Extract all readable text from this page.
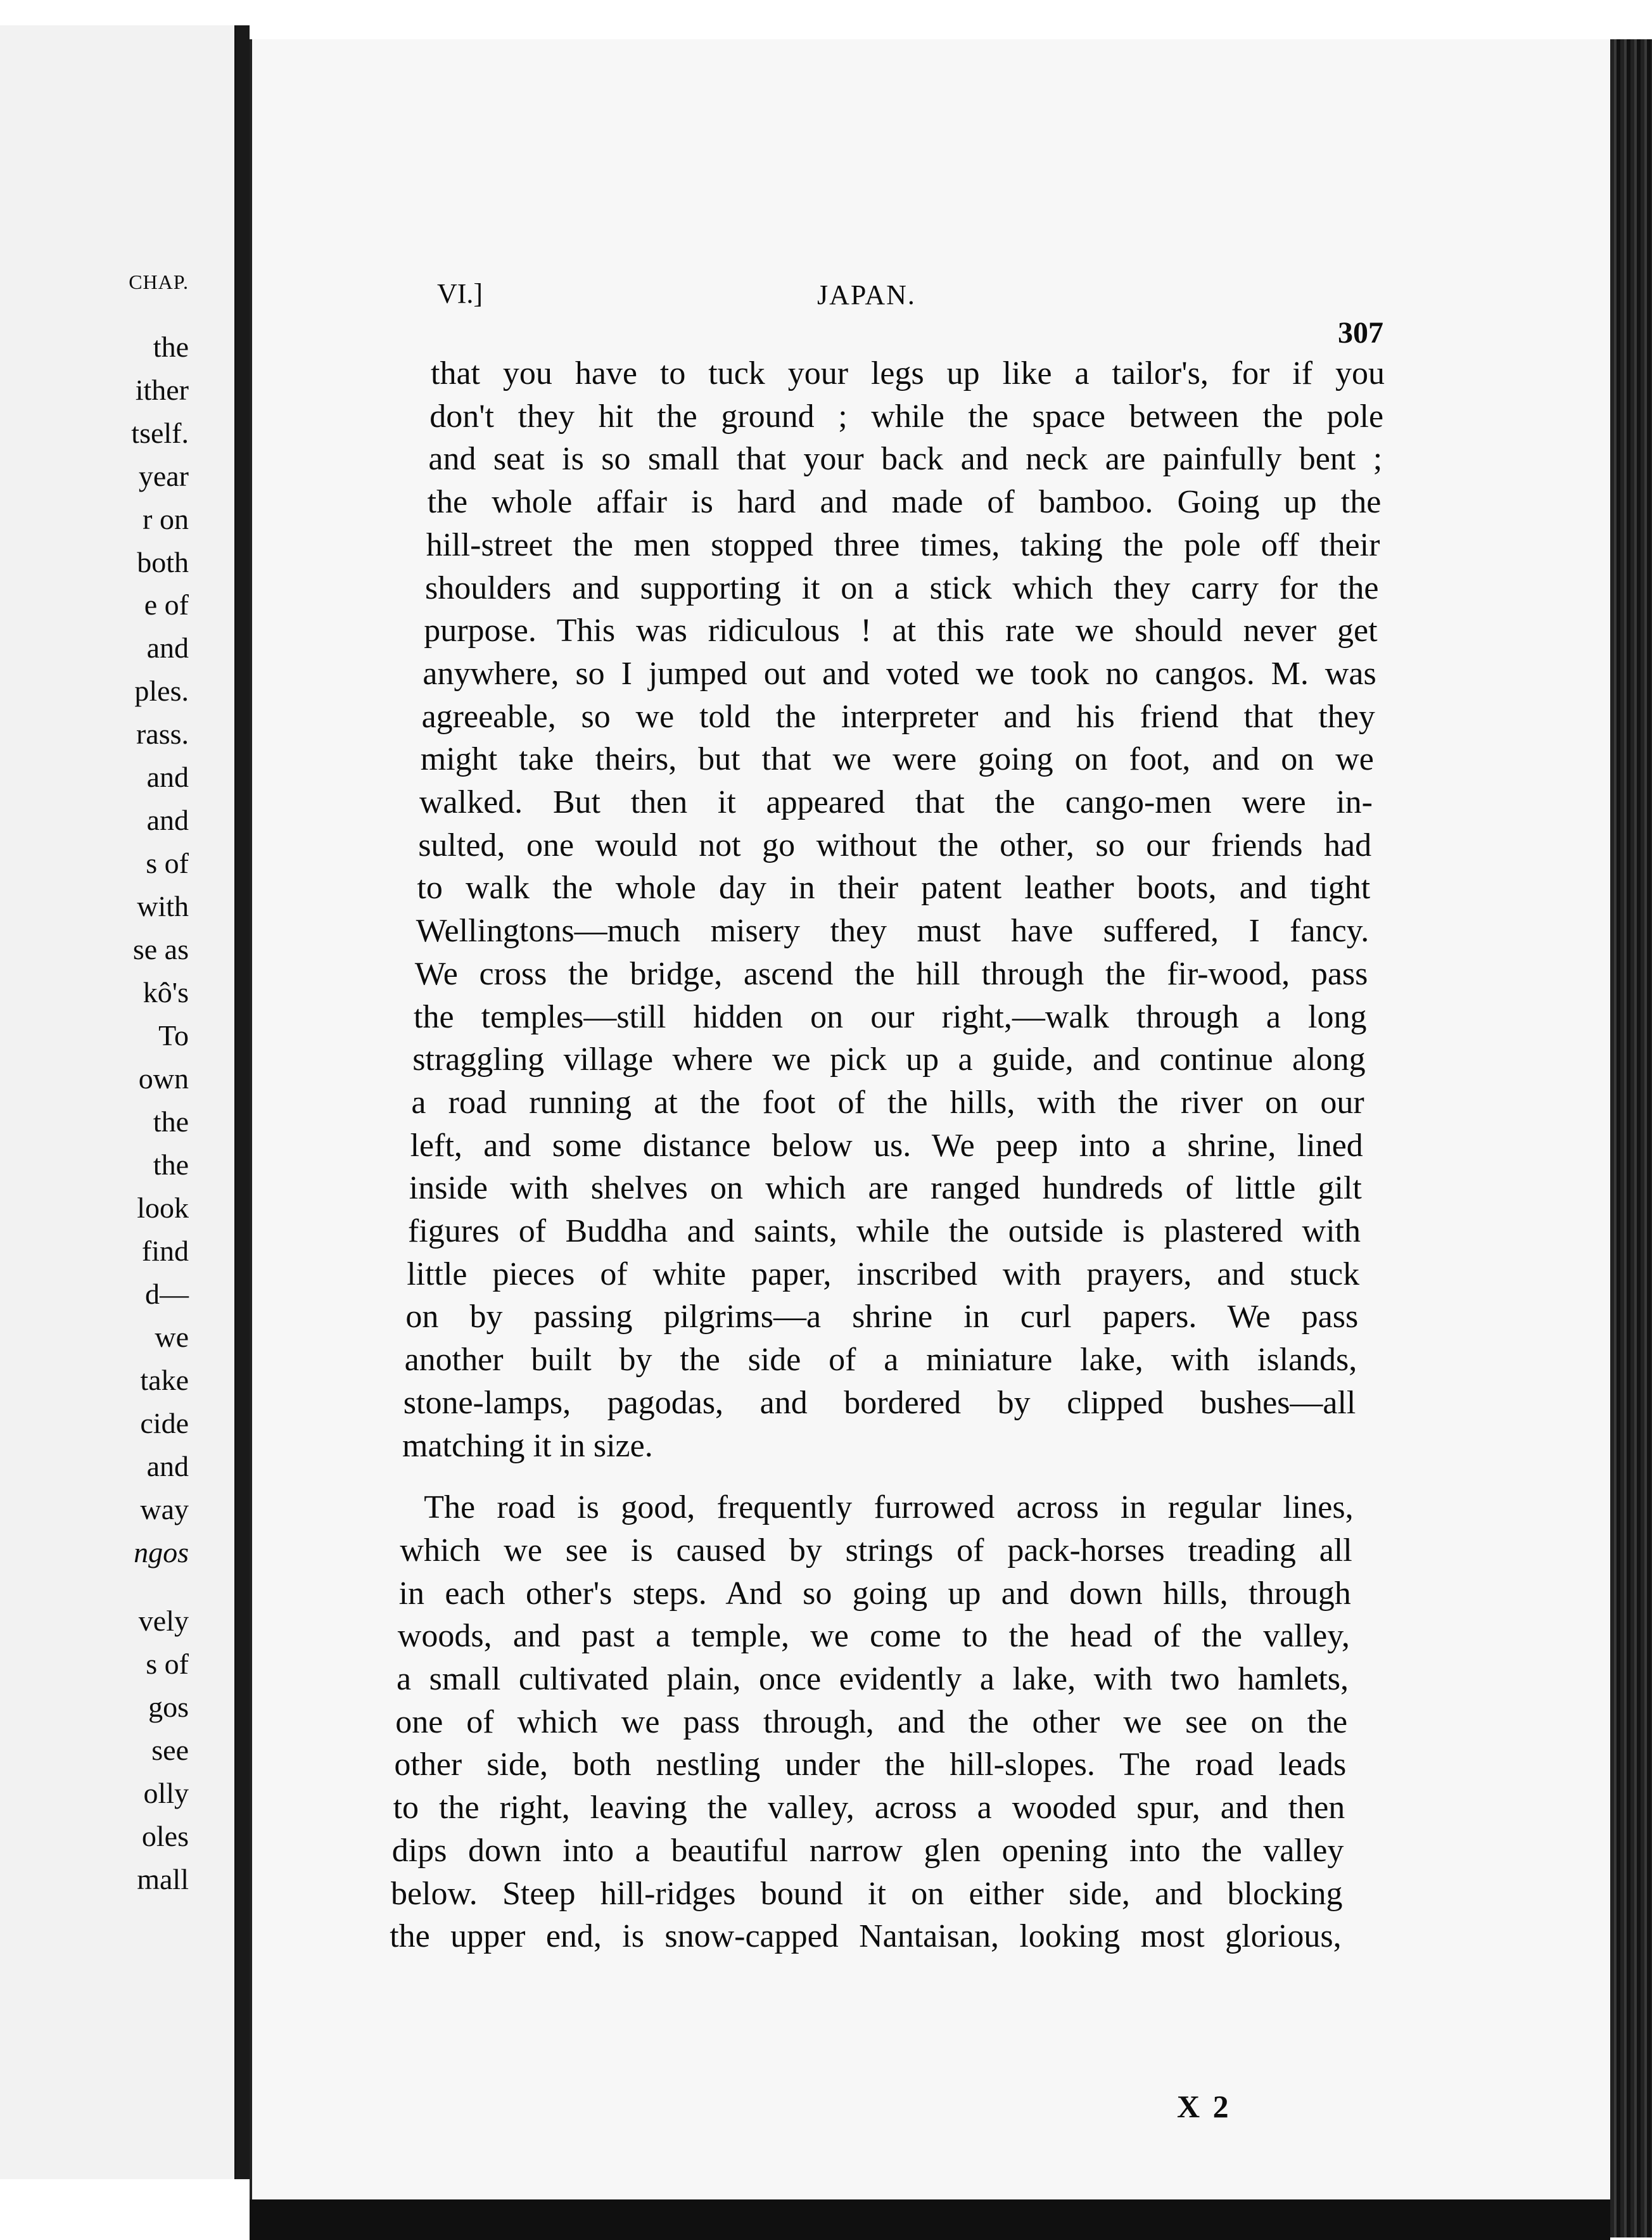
CHAP.
the
ither
tself.
year
r on
both
e of
and
ples.
rass.
and
and
s of
with
se as
kô's
To
own
the
the
look
find
d—
we
take
cide
and
way
ngos
vely
s of
gos
see
olly
oles
mall
VI.]	JAPAN.
307
that you have to tuck your legs up like a tailor's, for if you
don't they hit the ground ; while the space between the pole
and seat is so small that your back and neck are painfully bent ;
the whole affair is hard and made of bamboo. Going up the
hill-street the men stopped three times, taking the pole off their
shoulders and supporting it on a stick which they carry for the
purpose. This was ridiculous ! at this rate we should never get
anywhere, so I jumped out and voted we took no cangos. M. was
agreeable, so we told the interpreter and his friend that they
might take theirs, but that we were going on foot, and on we
walked. But then it appeared that the cango-men were in-
sulted, one would not go without the other, so our friends had
to walk the whole day in their patent leather boots, and tight
Wellingtons—much misery they must have suffered, I fancy.
We cross the bridge, ascend the hill through the fir-wood, pass
the temples—still hidden on our right,—walk through a long
straggling village where we pick up a guide, and continue along
a road running at the foot of the hills, with the river on our
left, and some distance below us. We peep into a shrine, lined
inside with shelves on which are ranged hundreds of little gilt
figures of Buddha and saints, while the outside is plastered with
little pieces of white paper, inscribed with prayers, and stuck
on by passing pilgrims—a shrine in curl papers. We pass
another built by the side of a miniature lake, with islands,
stone-lamps, pagodas, and bordered by clipped bushes—all
matching it in size.
The road is good, frequently furrowed across in regular lines,
which we see is caused by strings of pack-horses treading all
in each other's steps. And so going up and down hills, through
woods, and past a temple, we come to the head of the valley,
a small cultivated plain, once evidently a lake, with two hamlets,
one of which we pass through, and the other we see on the
other side, both nestling under the hill-slopes. The road leads
to the right, leaving the valley, across a wooded spur, and then
dips down into a beautiful narrow glen opening into the valley
below. Steep hill-ridges bound it on either side, and blocking
the upper end, is snow-capped Nantaisan, looking most glorious,
X 2
